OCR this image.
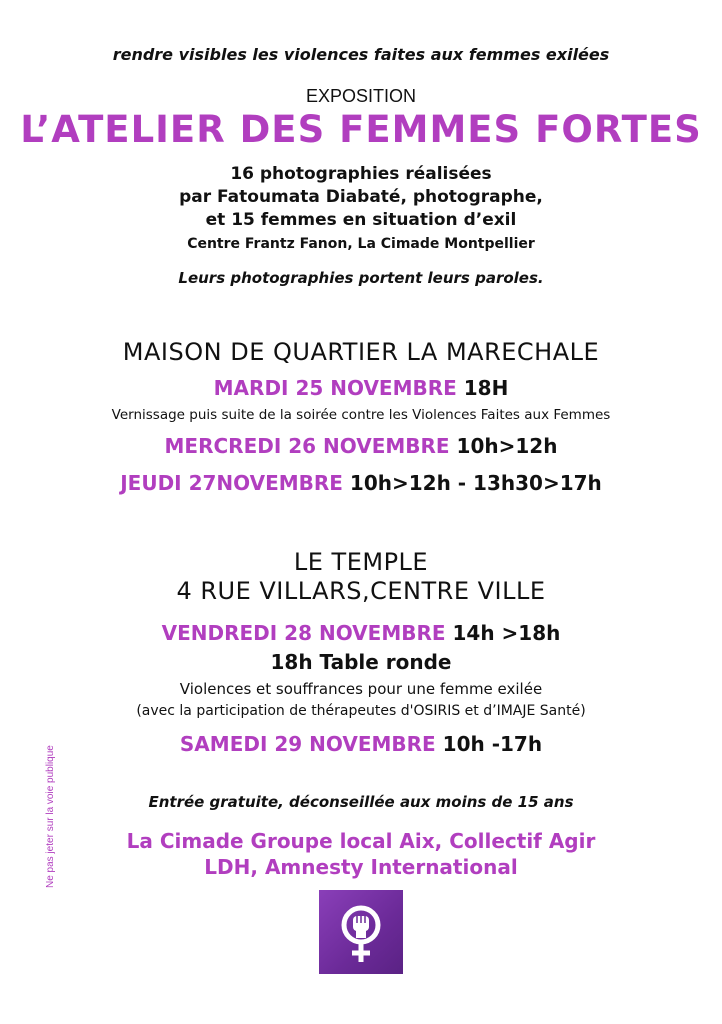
rendre visibles les violences faites aux femmes exilées
EXPOSITION
L’ATELIER DES FEMMES FORTES
16 photographies réalisées
par Fatoumata Diabaté, photographe,
et 15 femmes en situation d’exil
Centre Frantz Fanon, La Cimade Montpellier
Leurs photographies portent leurs paroles.
MAISON DE QUARTIER LA MARECHALE
MARDI 25 NOVEMBRE 18H
Vernissage puis suite de la soirée contre les Violences Faites aux Femmes
MERCREDI 26 NOVEMBRE 10h>12h
JEUDI 27NOVEMBRE 10h>12h - 13h30>17h
LE TEMPLE
4 RUE VILLARS,CENTRE VILLE
VENDREDI 28 NOVEMBRE 14h >18h
18h Table ronde
Violences et souffrances pour une femme exilée
(avec la participation de thérapeutes d'OSIRIS et d’IMAJE Santé)
SAMEDI 29 NOVEMBRE 10h -17h
Entrée gratuite, déconseillée aux moins de 15 ans
La Cimade Groupe local Aix, Collectif Agir
LDH, Amnesty International
Ne pas jeter sur la voie publique
